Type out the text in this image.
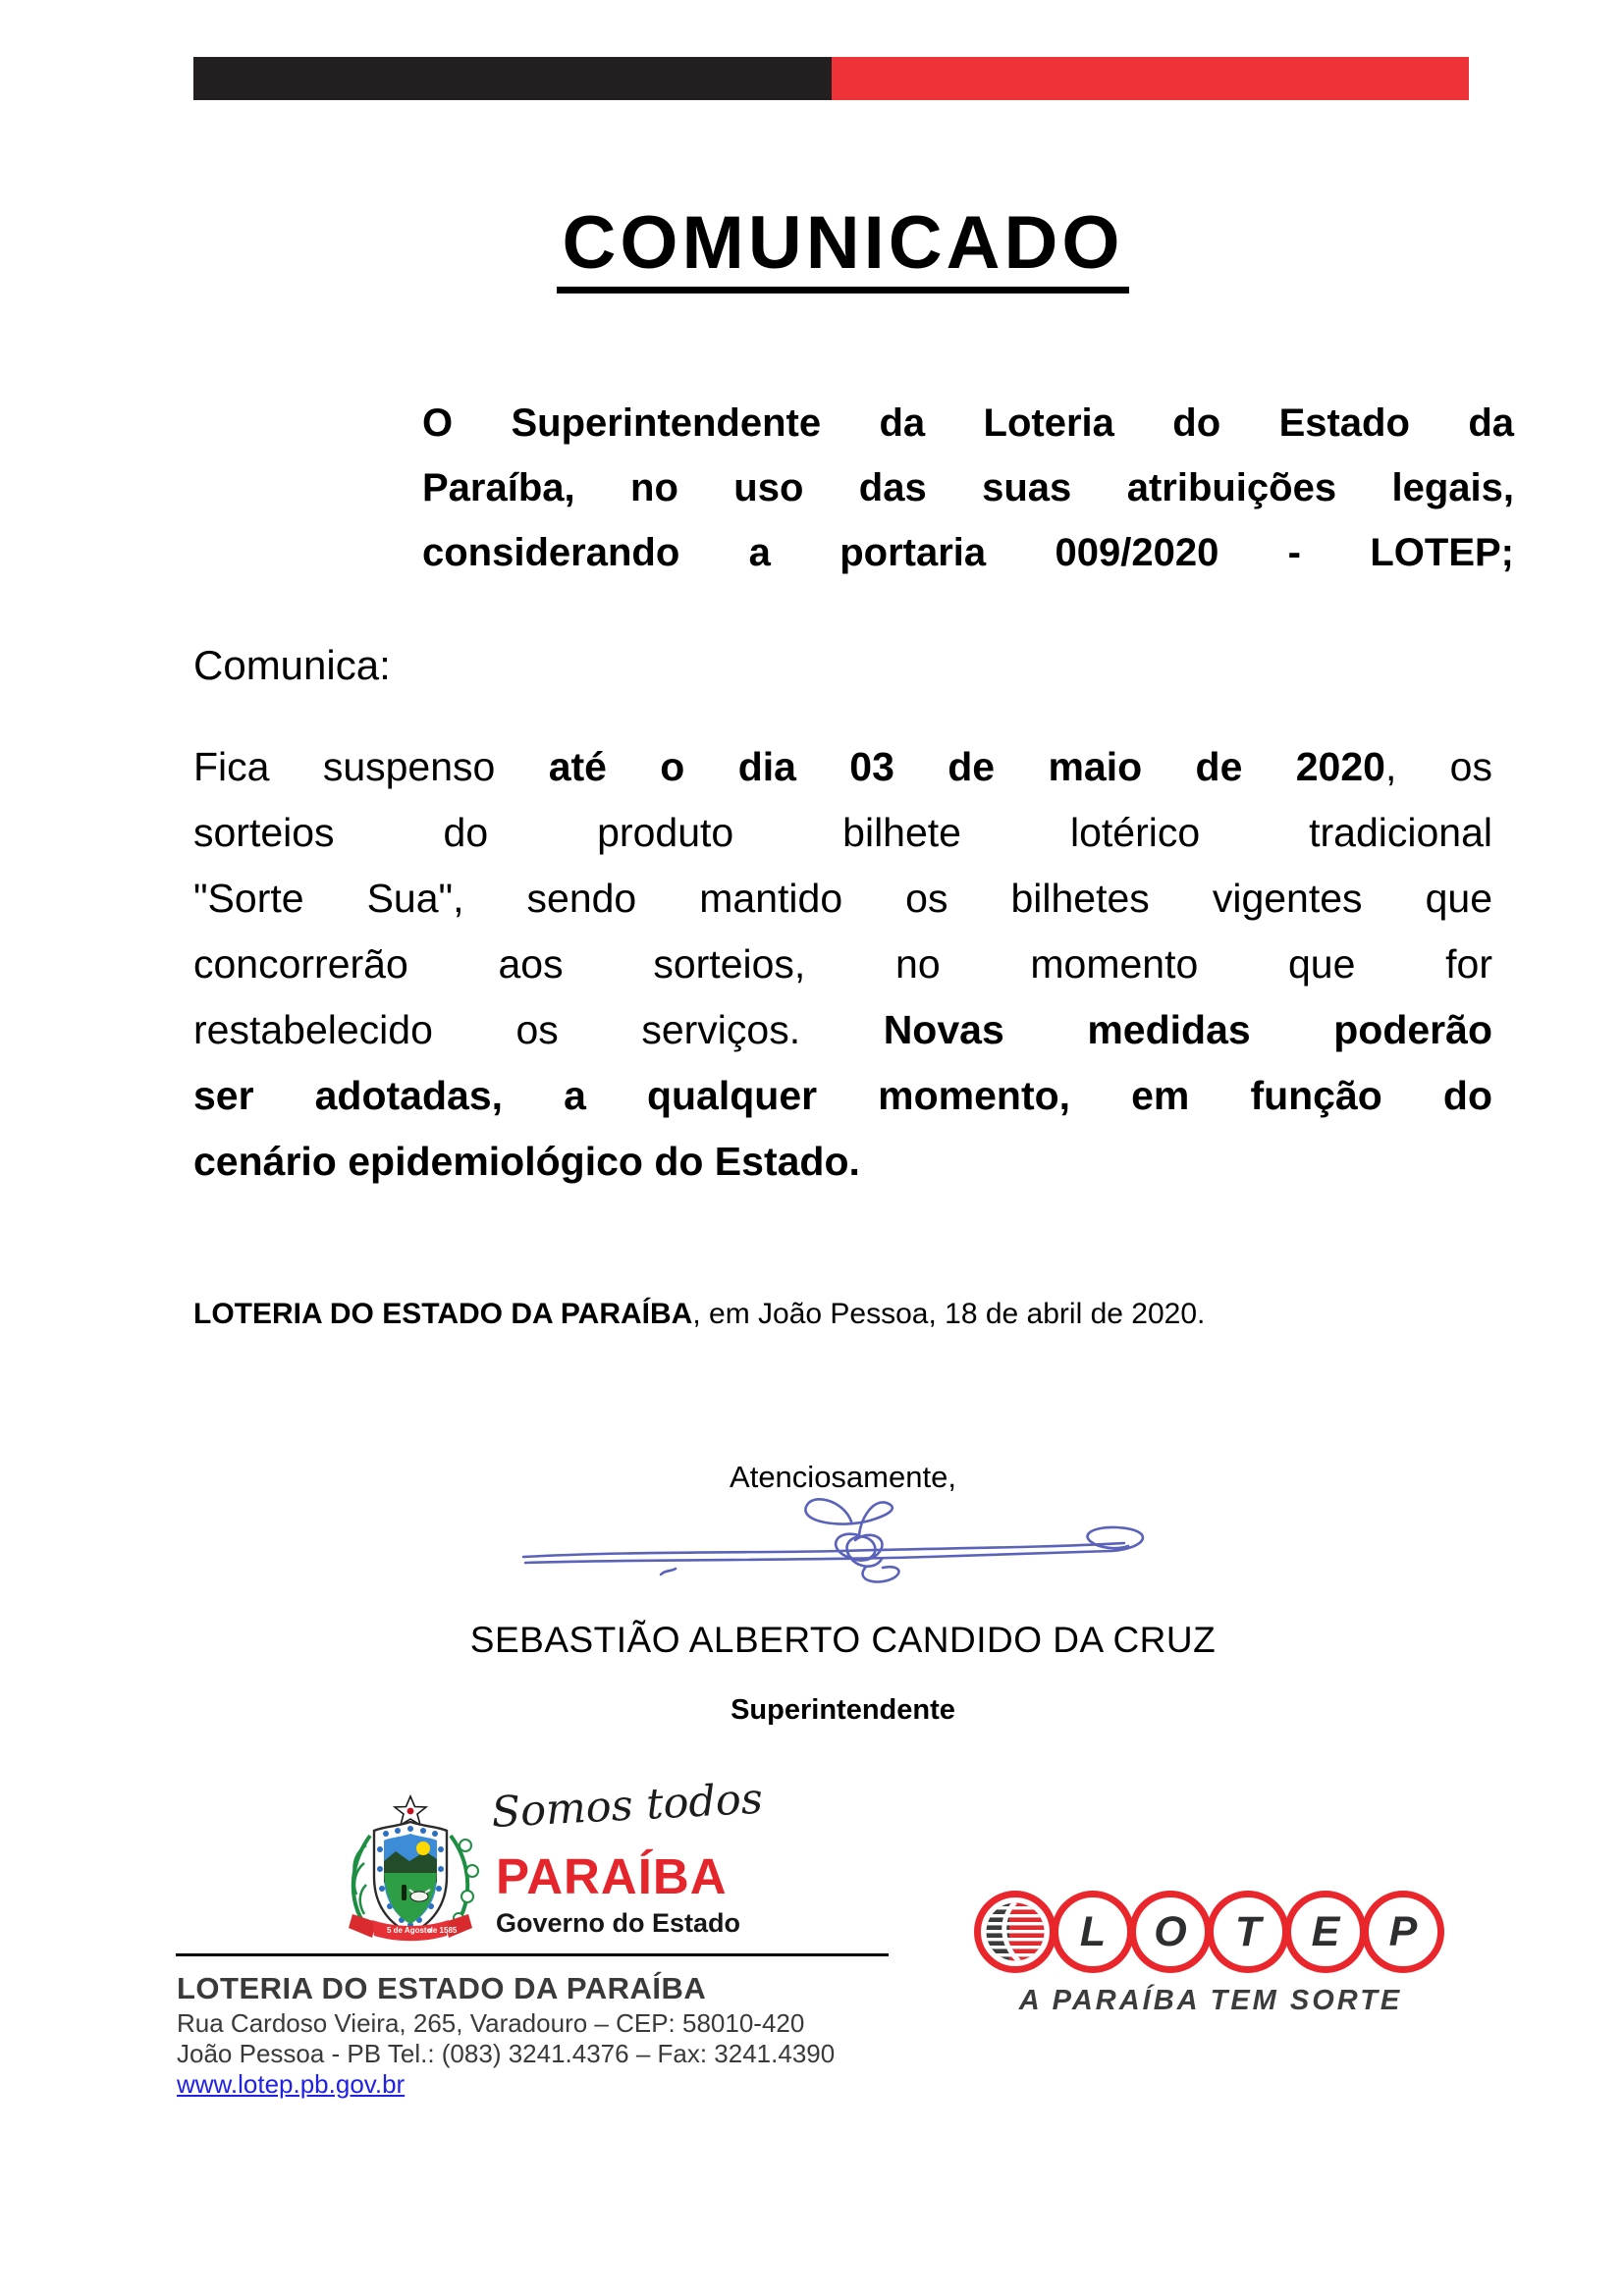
COMUNICADO
O Superintendente da Loteria do Estado da
Paraíba, no uso das suas atribuições legais,
considerando a portaria 009/2020 - LOTEP;
Comunica:
Fica suspenso até o dia 03 de maio de 2020, os
sorteios do produto bilhete lotérico tradicional
"Sorte Sua", sendo mantido os bilhetes vigentes que
concorrerão aos sorteios, no momento que for
restabelecido os serviços. Novas medidas poderão
ser adotadas, a qualquer momento, em função do
cenário epidemiológico do Estado.
LOTERIA DO ESTADO DA PARAÍBA, em João Pessoa, 18 de abril de 2020.
Atenciosamente,
SEBASTIÃO ALBERTO CANDIDO DA CRUZ
Superintendente
5 de Agosto
de 1585
Somos todos
PARAÍBA
Governo do Estado
LOTERIA DO ESTADO DA PARAÍBA
Rua Cardoso Vieira, 265, Varadouro – CEP: 58010-420
João Pessoa - PB Tel.: (083) 3241.4376 – Fax: 3241.4390
www.lotep.pb.gov.br
L	O	T	E	P
A PARAÍBA TEM SORTE
